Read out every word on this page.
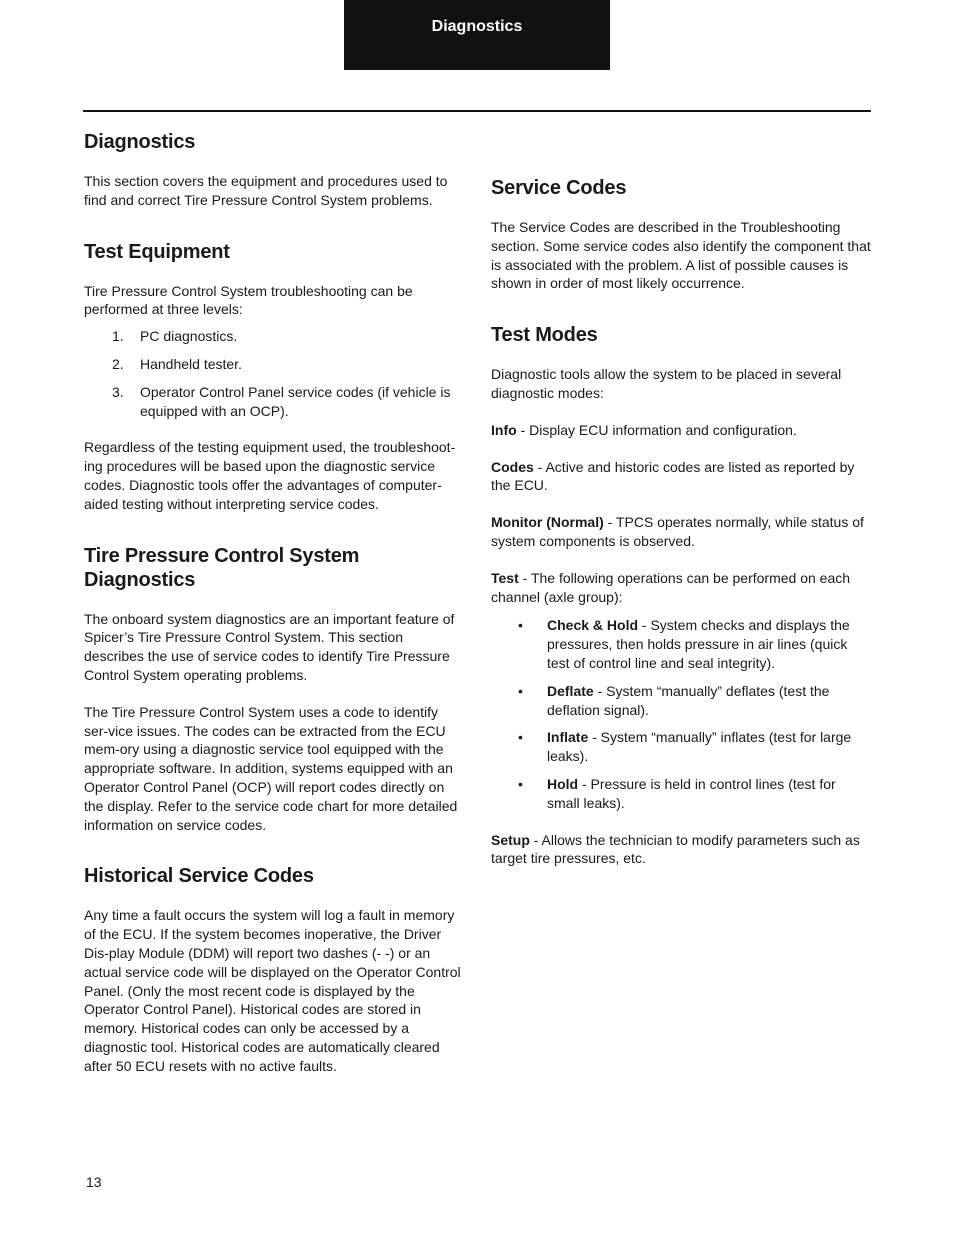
Diagnostics
Diagnostics

This section covers the equipment and procedures used to find and correct Tire Pressure Control System problems.

Test Equipment

Tire Pressure Control System troubleshooting can be performed at three levels:

1. PC diagnostics.
2. Handheld tester.
3. Operator Control Panel service codes (if vehicle is equipped with an OCP).

Regardless of the testing equipment used, the troubleshoot-ing procedures will be based upon the diagnostic service codes. Diagnostic tools offer the advantages of computer-aided testing without interpreting service codes.

Tire Pressure Control System Diagnostics

The onboard system diagnostics are an important feature of Spicer’s Tire Pressure Control System. This section describes the use of service codes to identify Tire Pressure Control System operating problems.

The Tire Pressure Control System uses a code to identify ser-vice issues. The codes can be extracted from the ECU mem-ory using a diagnostic service tool equipped with the appropriate software. In addition, systems equipped with an Operator Control Panel (OCP) will report codes directly on the display. Refer to the service code chart for more detailed information on service codes.

Historical Service Codes

Any time a fault occurs the system will log a fault in memory of the ECU. If the system becomes inoperative, the Driver Dis-play Module (DDM) will report two dashes (- -) or an actual service code will be displayed on the Operator Control Panel. (Only the most recent code is displayed by the Operator Control Panel). Historical codes are stored in memory. Historical codes can only be accessed by a diagnostic tool. Historical codes are automatically cleared after 50 ECU resets with no active faults.

Service Codes

The Service Codes are described in the Troubleshooting section. Some service codes also identify the component that is associated with the problem. A list of possible causes is shown in order of most likely occurrence.

Test Modes

Diagnostic tools allow the system to be placed in several diagnostic modes:

Info - Display ECU information and configuration.

Codes - Active and historic codes are listed as reported by the ECU.

Monitor (Normal) - TPCS operates normally, while status of system components is observed.

Test - The following operations can be performed on each channel (axle group):

• Check & Hold - System checks and displays the pressures, then holds pressure in air lines (quick test of control line and seal integrity).
• Deflate - System “manually” deflates (test the deflation signal).
• Inflate - System “manually” inflates (test for large leaks).
• Hold - Pressure is held in control lines (test for small leaks).

Setup - Allows the technician to modify parameters such as target tire pressures, etc.

13
